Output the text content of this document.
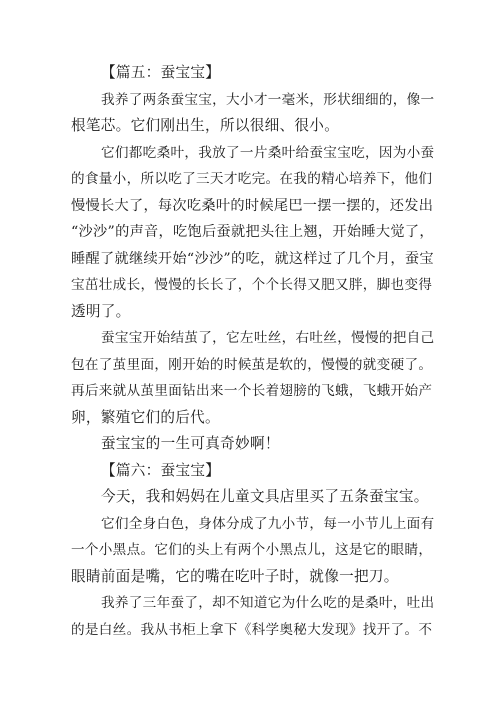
【篇五：蚕宝宝】
我养了两条蚕宝宝，大小才一毫米，形状细细的，像一
根笔芯。它们刚出生，所以很细、很小。
它们都吃桑叶，我放了一片桑叶给蚕宝宝吃，因为小蚕
的食量小，所以吃了三天才吃完。在我的精心培养下，他们
慢慢长大了，每次吃桑叶的时候尾巴一摆一摆的，还发出
“沙沙”的声音，吃饱后蚕就把头往上翘，开始睡大觉了，
睡醒了就继续开始“沙沙”的吃，就这样过了几个月，蚕宝
宝茁壮成长，慢慢的长长了，个个长得又肥又胖，脚也变得
透明了。
蚕宝宝开始结茧了，它左吐丝，右吐丝，慢慢的把自己
包在了茧里面，刚开始的时候茧是软的，慢慢的就变硬了。
再后来就从茧里面钻出来一个长着翅膀的飞蛾，飞蛾开始产
卵，繁殖它们的后代。
蚕宝宝的一生可真奇妙啊！
【篇六：蚕宝宝】
今天，我和妈妈在儿童文具店里买了五条蚕宝宝。
它们全身白色，身体分成了九小节，每一小节儿上面有
一个小黑点。它们的头上有两个小黑点儿，这是它的眼睛，
眼睛前面是嘴，它的嘴在吃叶子时，就像一把刀。
我养了三年蚕了，却不知道它为什么吃的是桑叶，吐出
的是白丝。我从书柜上拿下《科学奥秘大发现》找开了。不
